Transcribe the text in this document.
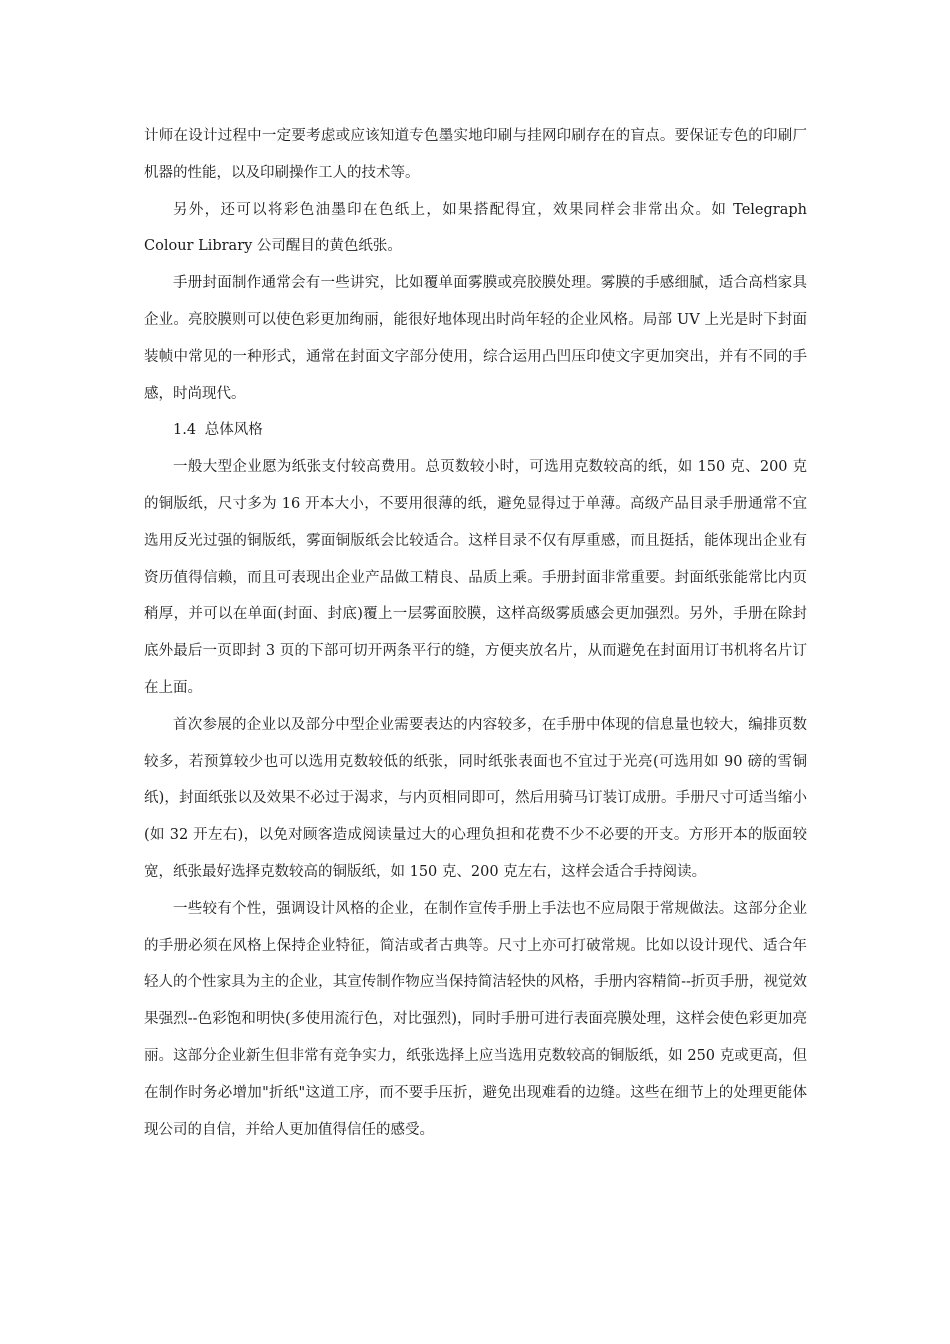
计师在设计过程中一定要考虑或应该知道专色墨实地印刷与挂网印刷存在的盲点。要保证专色的印刷厂机器的性能，以及印刷操作工人的技术等。

另外，还可以将彩色油墨印在色纸上，如果搭配得宜，效果同样会非常出众。如 Telegraph Colour Library 公司醒目的黄色纸张。

手册封面制作通常会有一些讲究，比如覆单面雾膜或亮胶膜处理。雾膜的手感细腻，适合高档家具企业。亮胶膜则可以使色彩更加绚丽，能很好地体现出时尚年轻的企业风格。局部 UV 上光是时下封面装帧中常见的一种形式，通常在封面文字部分使用，综合运用凸凹压印使文字更加突出，并有不同的手感，时尚现代。

1.4 总体风格

一般大型企业愿为纸张支付较高费用。总页数较小时，可选用克数较高的纸，如 150 克、200 克的铜版纸，尺寸多为 16 开本大小，不要用很薄的纸，避免显得过于单薄。高级产品目录手册通常不宜选用反光过强的铜版纸，雾面铜版纸会比较适合。这样目录不仅有厚重感，而且挺括，能体现出企业有资历值得信赖，而且可表现出企业产品做工精良、品质上乘。手册封面非常重要。封面纸张能常比内页稍厚，并可以在单面(封面、封底)覆上一层雾面胶膜，这样高级雾质感会更加强烈。另外，手册在除封底外最后一页即封 3 页的下部可切开两条平行的缝，方便夹放名片，从而避免在封面用订书机将名片订在上面。

首次参展的企业以及部分中型企业需要表达的内容较多，在手册中体现的信息量也较大，编排页数较多，若预算较少也可以选用克数较低的纸张，同时纸张表面也不宜过于光亮(可选用如 90 磅的雪铜纸)，封面纸张以及效果不必过于渴求，与内页相同即可，然后用骑马订装订成册。手册尺寸可适当缩小(如 32 开左右)，以免对顾客造成阅读量过大的心理负担和花费不少不必要的开支。方形开本的版面较宽，纸张最好选择克数较高的铜版纸，如 150 克、200 克左右，这样会适合手持阅读。

一些较有个性，强调设计风格的企业，在制作宣传手册上手法也不应局限于常规做法。这部分企业的手册必须在风格上保持企业特征，简洁或者古典等。尺寸上亦可打破常规。比如以设计现代、适合年轻人的个性家具为主的企业，其宣传制作物应当保持简洁轻快的风格，手册内容精简--折页手册，视觉效果强烈--色彩饱和明快(多使用流行色，对比强烈)，同时手册可进行表面亮膜处理，这样会使色彩更加亮丽。这部分企业新生但非常有竞争实力，纸张选择上应当选用克数较高的铜版纸，如 250 克或更高，但在制作时务必增加"折纸"这道工序，而不要手压折，避免出现难看的边缝。这些在细节上的处理更能体现公司的自信，并给人更加值得信任的感受。
